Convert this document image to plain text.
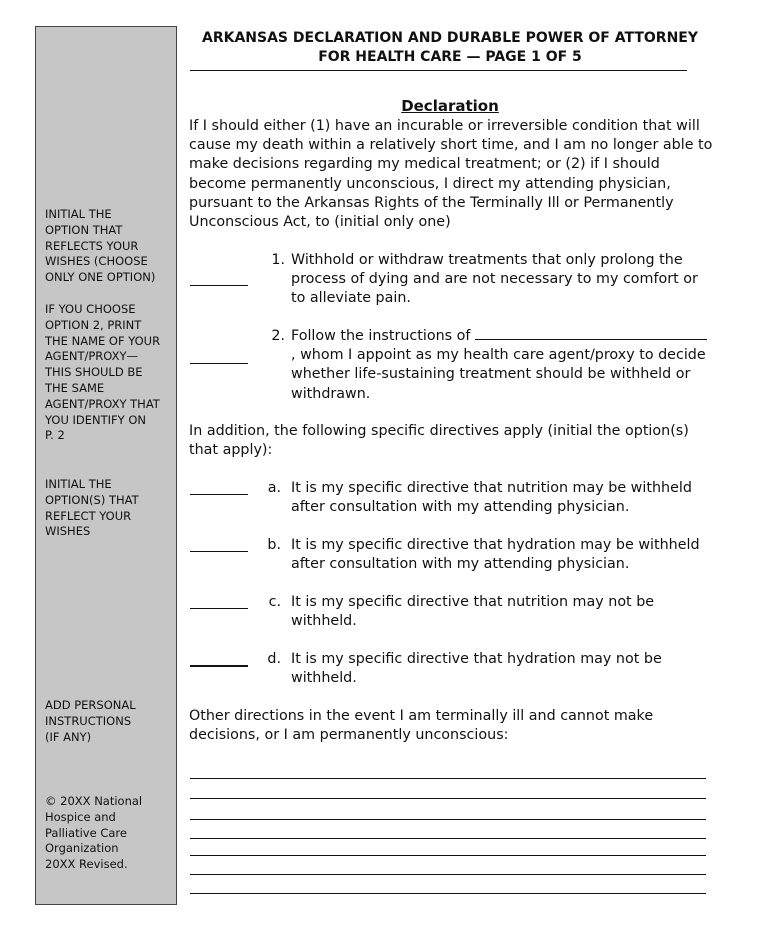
INITIAL THE
OPTION THAT
REFLECTS YOUR
WISHES (CHOOSE
ONLY ONE OPTION)
IF YOU CHOOSE
OPTION 2, PRINT
THE NAME OF YOUR
AGENT/PROXY—
THIS SHOULD BE
THE SAME
AGENT/PROXY THAT
YOU IDENTIFY ON
P. 2
INITIAL THE
OPTION(S) THAT
REFLECT YOUR
WISHES
ADD PERSONAL
INSTRUCTIONS
(IF ANY)
© 20XX National
Hospice and
Palliative Care
Organization
20XX Revised.
ARKANSAS DECLARATION AND DURABLE POWER OF ATTORNEY
FOR HEALTH CARE — PAGE 1 OF 5
Declaration
If I should either (1) have an incurable or irreversible condition that will cause my death within a relatively short time, and I am no longer able to make decisions regarding my medical treatment; or (2) if I should become permanently unconscious, I direct my attending physician, pursuant to the Arkansas Rights of the Terminally Ill or Permanently Unconscious Act, to (initial only one)
1. Withhold or withdraw treatments that only prolong the process of dying and are not necessary to my comfort or to alleviate pain.
2. Follow the instructions of , whom I appoint as my health care agent/proxy to decide whether life-sustaining treatment should be withheld or withdrawn.
In addition, the following specific directives apply (initial the option(s) that apply):
a. It is my specific directive that nutrition may be withheld after consultation with my attending physician.
b. It is my specific directive that hydration may be withheld after consultation with my attending physician.
c. It is my specific directive that nutrition may not be withheld.
d. It is my specific directive that hydration may not be withheld.
Other directions in the event I am terminally ill and cannot make decisions, or I am permanently unconscious:
